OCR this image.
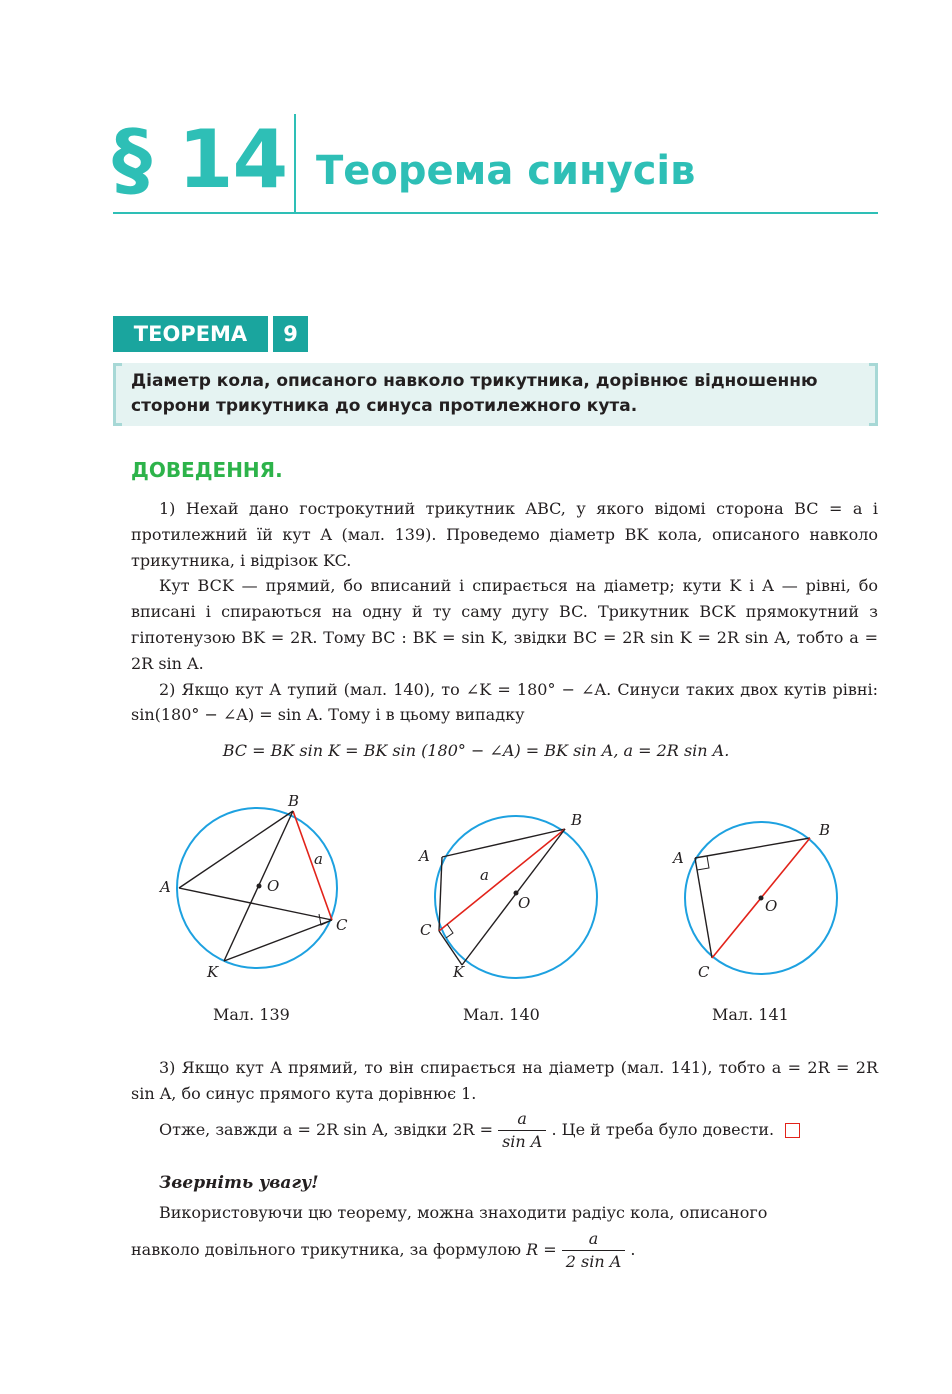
§ 14 Теорема синусів
ТЕОРЕМА	9
Діаметр кола, описаного навколо трикутника, дорівнює відношенню сторони трикутника до синуса протилежного кута.
ДОВЕДЕННЯ.

1) Нехай дано гострокутний трикутник ABC, у якого відомі сторона BC = a і протилежний їй кут A (мал. 139). Проведемо діаметр BK кола, описаного навколо трикутника, і відрізок KC.

Кут BCK — прямий, бо вписаний і спирається на діаметр; кути K і A — рівні, бо вписані і спираються на одну й ту саму дугу BC. Трикутник BCK прямокутний з гіпотенузою BK = 2R. Тому BC : BK = sin K, звідки BC = 2R sin K = 2R sin A, тобто a = 2R sin A.

2) Якщо кут A тупий (мал. 140), то ∠K = 180° − ∠A. Синуси таких двох кутів рівні: sin(180° − ∠A) = sin A. Тому і в цьому випадку

BC = BK sin K = BK sin (180° − ∠A) = BK sin A, a = 2R sin A.
B
A
C
K
O
a
B
A
C
K
O
a
B
A
C
O
Мал. 139	Мал. 140	Мал. 141

3) Якщо кут A прямий, то він спирається на діаметр (мал. 141), тобто a = 2R = 2R sin A, бо синус прямого кута дорівнює 1.

Отже, завжди a = 2R sin A, звідки $2R = \frac{a}{\text{sin A}}$ . Це й треба було довести.
Зверніть увагу!
Використовуючи цю теорему, можна знаходити радіус кола, описаного
навколо довільного трикутника, за формулою $R = \frac{a}{\text{2 sin A}}$ .
